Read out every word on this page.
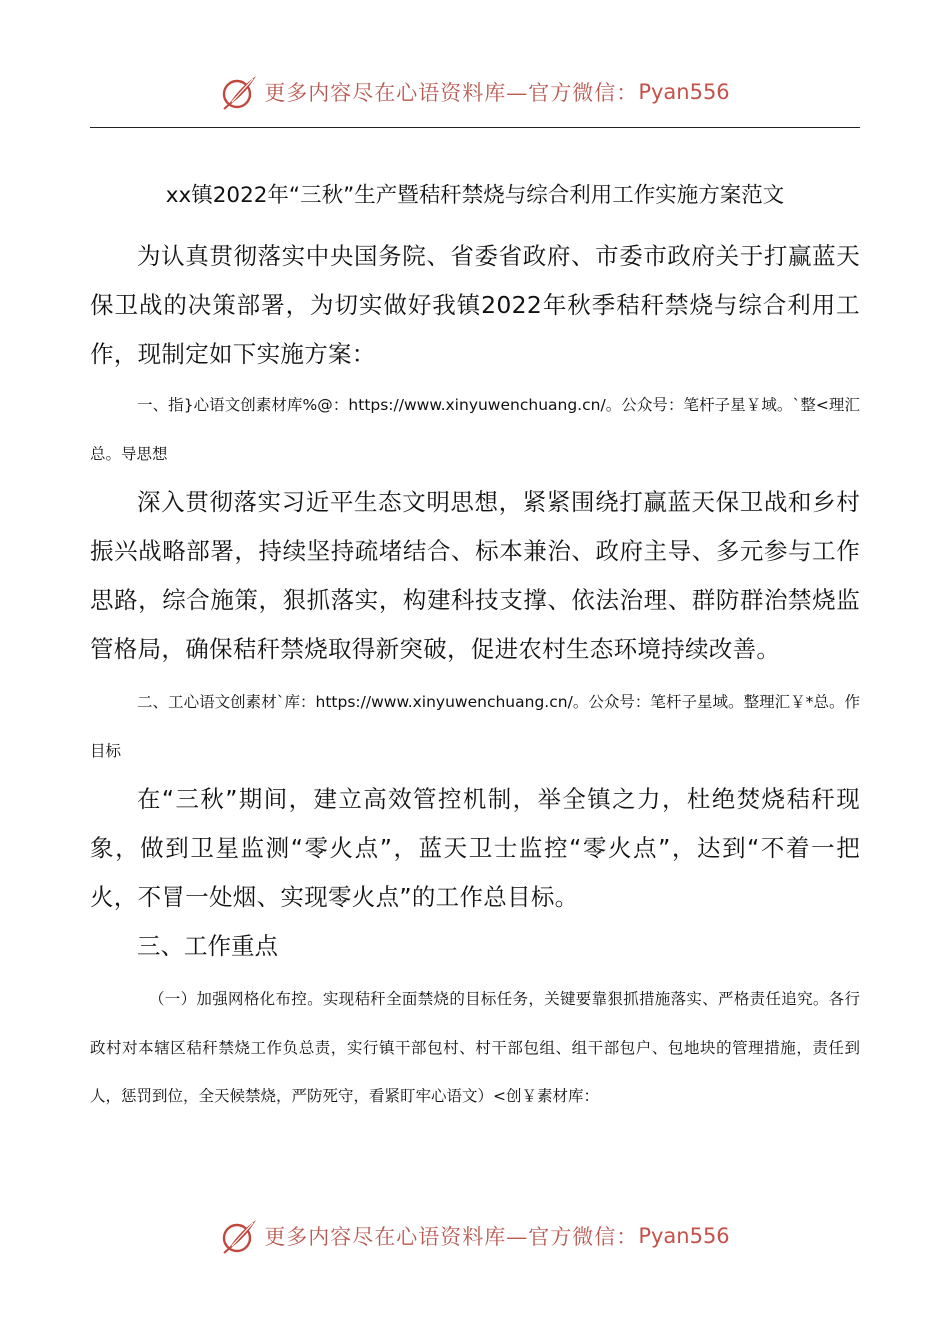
更多内容尽在心语资料库—官方微信： Pyan556
xx镇2022年“三秋”生产暨秸秆禁烧与综合利用工作实施方案范文

为认真贯彻落实中央国务院、省委省政府、市委市政府关于打赢蓝天保卫战的决策部署，为切实做好我镇2022年秋季秸秆禁烧与综合利用工作，现制定如下实施方案：

一、指}心语文创素材库%@：https://www.xinyuwenchuang.cn/。公众号：笔杆子星￥域。`整<理汇总。导思想

深入贯彻落实习近平生态文明思想，紧紧围绕打赢蓝天保卫战和乡村振兴战略部署，持续坚持疏堵结合、标本兼治、政府主导、多元参与工作思路，综合施策，狠抓落实，构建科技支撑、依法治理、群防群治禁烧监管格局，确保秸秆禁烧取得新突破，促进农村生态环境持续改善。

二、工心语文创素材`库：https://www.xinyuwenchuang.cn/。公众号：笔杆子星域。整理汇￥*总。作目标

在“三秋”期间，建立高效管控机制，举全镇之力，杜绝焚烧秸秆现象，做到卫星监测“零火点”，蓝天卫士监控“零火点”，达到“不着一把火，不冒一处烟、实现零火点”的工作总目标。

三、工作重点

（一）加强网格化布控。实现秸秆全面禁烧的目标任务，关键要靠狠抓措施落实、严格责任追究。各行政村对本辖区秸秆禁烧工作负总责，实行镇干部包村、村干部包组、组干部包户、包地块的管理措施，责任到人，惩罚到位，全天候禁烧，严防死守，看紧盯牢心语文）<创￥素材库：

更多内容尽在心语资料库—官方微信： Pyan556
